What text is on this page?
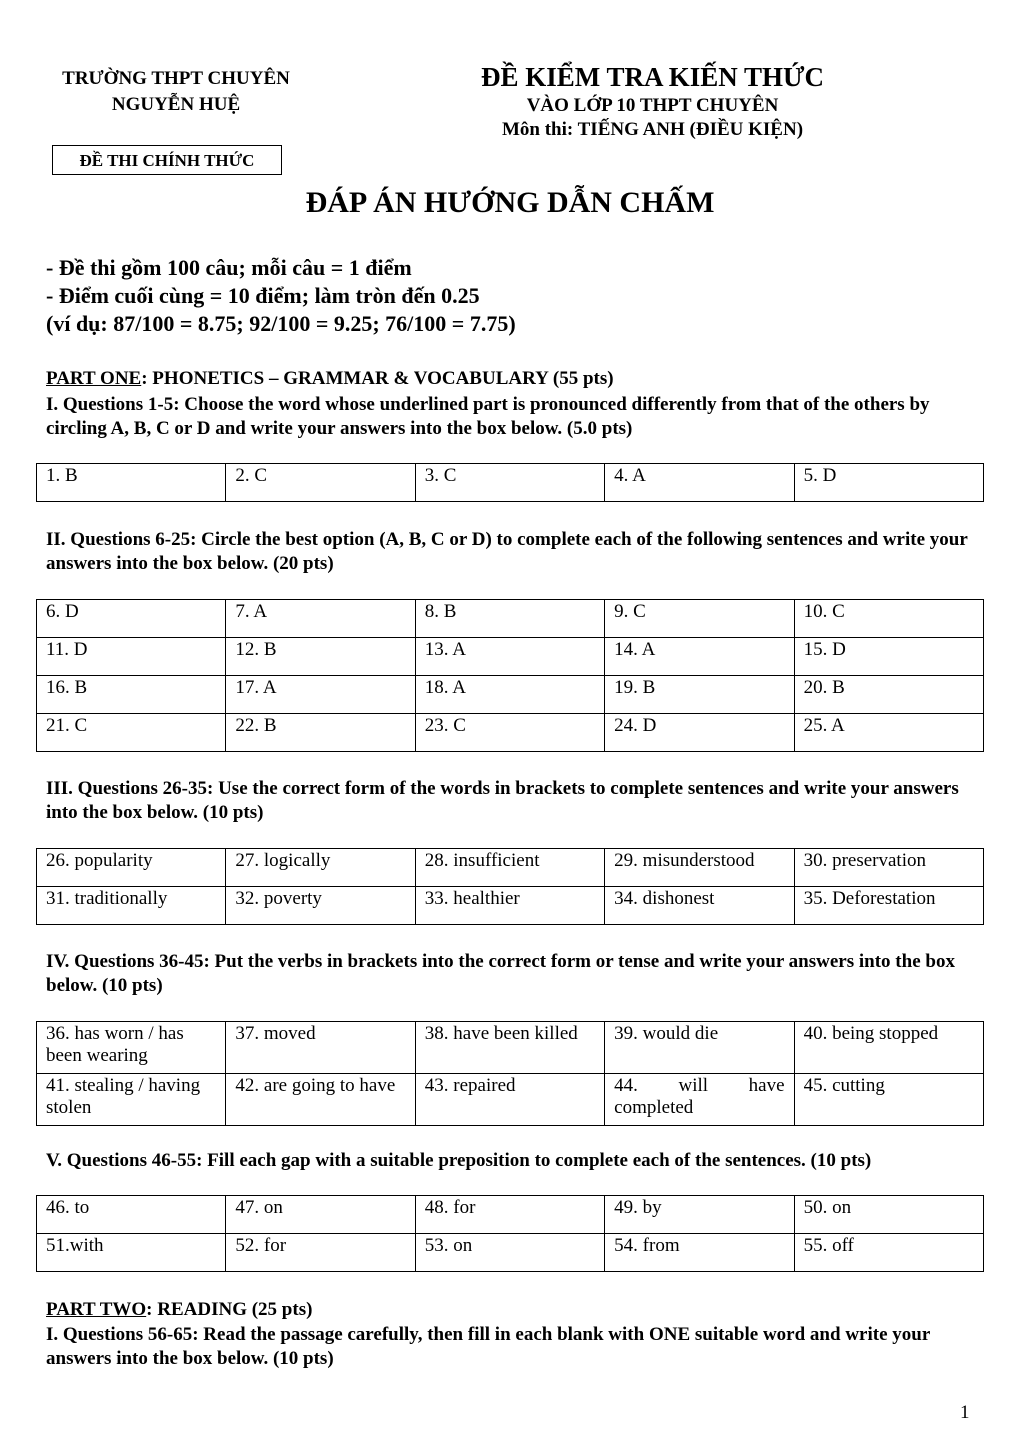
TRƯỜNG THPT CHUYÊN
NGUYỄN HUỆ
ĐỀ KIỂM TRA KIẾN THỨC
VÀO LỚP 10 THPT CHUYÊN
Môn thi: TIẾNG ANH (ĐIỀU KIỆN)
ĐỀ THI CHÍNH THỨC
ĐÁP ÁN HƯỚNG DẪN CHẤM
- Đề thi gồm 100 câu; mỗi câu = 1 điểm
- Điểm cuối cùng = 10 điểm; làm tròn đến 0.25
(ví dụ: 87/100 = 8.75; 92/100 = 9.25; 76/100 = 7.75)
PART ONE: PHONETICS – GRAMMAR & VOCABULARY (55 pts)
I. Questions 1-5: Choose the word whose underlined part is pronounced differently from that of the others by circling A, B, C or D and write your answers into the box below. (5.0 pts)
1. B	2. C	3. C	4. A	5. D
II. Questions 6-25: Circle the best option (A, B, C or D) to complete each of the following sentences and write your answers into the box below. (20 pts)
6. D	7. A	8. B	9. C	10. C
11. D	12. B	13. A	14. A	15. D
16. B	17. A	18. A	19. B	20. B
21. C	22. B	23. C	24. D	25. A
III. Questions 26-35: Use the correct form of the words in brackets to complete sentences and write your answers into the box below. (10 pts)
26. popularity	27. logically	28. insufficient	29. misunderstood	30. preservation
31. traditionally	32. poverty	33. healthier	34. dishonest	35. Deforestation
IV. Questions 36-45: Put the verbs in brackets into the correct form or tense and write your answers into the box below. (10 pts)
36. has worn / has been wearing	37. moved	38. have been killed	39. would die	40. being stopped
41. stealing / having stolen	42. are going to have	43. repaired	44. will have completed	45. cutting
V. Questions 46-55: Fill each gap with a suitable preposition to complete each of the sentences. (10 pts)
46. to	47. on	48. for	49. by	50. on
51.with	52. for	53. on	54. from	55. off
PART TWO: READING (25 pts)
I. Questions 56-65: Read the passage carefully, then fill in each blank with ONE suitable word and write your answers into the box below. (10 pts)
1
